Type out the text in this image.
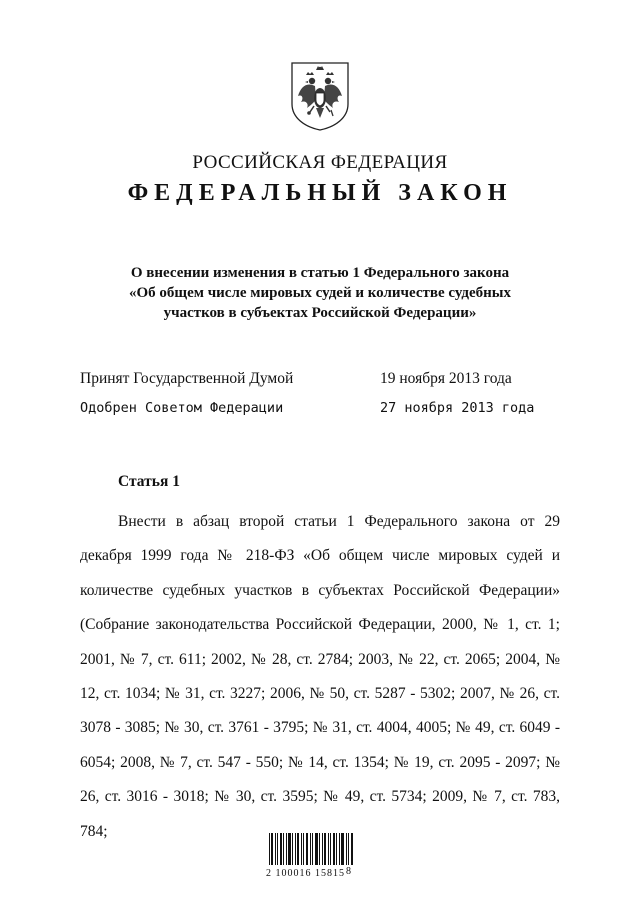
РОССИЙСКАЯ ФЕДЕРАЦИЯ
ФЕДЕРАЛЬНЫЙ ЗАКОН
О внесении изменения в статью 1 Федерального закона
«Об общем числе мировых судей и количестве судебных
участков в субъектах Российской Федерации»
Принят Государственной Думой	19 ноября 2013 года
Одобрен Советом Федерации	27 ноября 2013 года
Статья 1
Внести в абзац второй статьи 1 Федерального закона от 29 декабря 1999 года № 218-ФЗ «Об общем числе мировых судей и количестве судебных участков в субъектах Российской Федерации» (Собрание законодательства Российской Федерации, 2000, № 1, ст. 1; 2001, № 7, ст. 611; 2002, № 28, ст. 2784; 2003, № 22, ст. 2065; 2004, № 12, ст. 1034; № 31, ст. 3227; 2006, № 50, ст. 5287 - 5302; 2007, № 26, ст. 3078 - 3085; № 30, ст. 3761 - 3795; № 31, ст. 4004, 4005; № 49, ст. 6049 - 6054; 2008, № 7, ст. 547 - 550; № 14, ст. 1354; № 19, ст. 2095 - 2097; № 26, ст. 3016 - 3018; № 30, ст. 3595; № 49, ст. 5734; 2009, № 7, ст. 783, 784;
2 100016 15815 8
